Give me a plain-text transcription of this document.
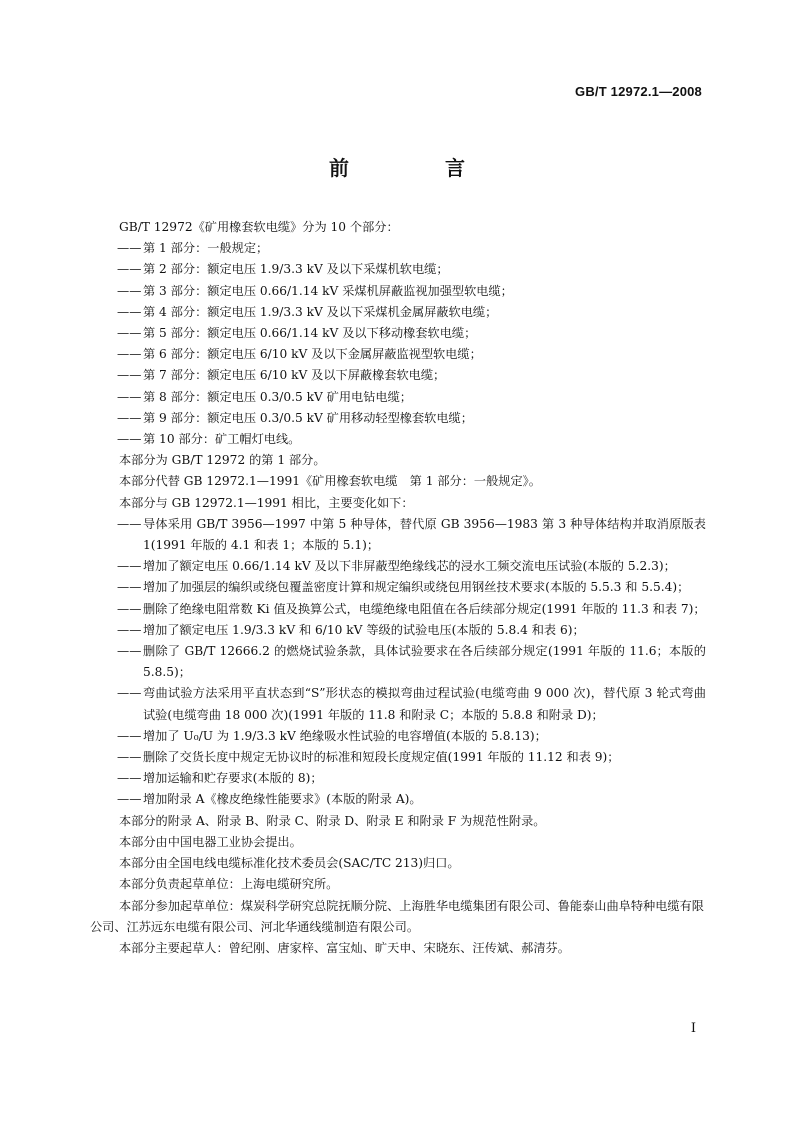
GB/T 12972.1—2008
前　言

GB/T 12972《矿用橡套软电缆》分为 10 个部分：

—— 第 1 部分：一般规定；
—— 第 2 部分：额定电压 1.9/3.3 kV 及以下采煤机软电缆；
—— 第 3 部分：额定电压 0.66/1.14 kV 采煤机屏蔽监视加强型软电缆；
—— 第 4 部分：额定电压 1.9/3.3 kV 及以下采煤机金属屏蔽软电缆；
—— 第 5 部分：额定电压 0.66/1.14 kV 及以下移动橡套软电缆；
—— 第 6 部分：额定电压 6/10 kV 及以下金属屏蔽监视型软电缆；
—— 第 7 部分：额定电压 6/10 kV 及以下屏蔽橡套软电缆；
—— 第 8 部分：额定电压 0.3/0.5 kV 矿用电钻电缆；
—— 第 9 部分：额定电压 0.3/0.5 kV 矿用移动轻型橡套软电缆；
—— 第 10 部分：矿工帽灯电线。

本部分为 GB/T 12972 的第 1 部分。

本部分代替 GB 12972.1—1991《矿用橡套软电缆　第 1 部分：一般规定》。

本部分与 GB 12972.1—1991 相比，主要变化如下：

—— 导体采用 GB/T 3956—1997 中第 5 种导体，替代原 GB 3956—1983 第 3 种导体结构并取消原版表 1(1991 年版的 4.1 和表 1；本版的 5.1)；
—— 增加了额定电压 0.66/1.14 kV 及以下非屏蔽型绝缘线芯的浸水工频交流电压试验(本版的 5.2.3)；
—— 增加了加强层的编织或绕包覆盖密度计算和规定编织或绕包用钢丝技术要求(本版的 5.5.3 和 5.5.4)；
—— 删除了绝缘电阻常数 Ki 值及换算公式，电缆绝缘电阻值在各后续部分规定(1991 年版的 11.3 和表 7)；
—— 增加了额定电压 1.9/3.3 kV 和 6/10 kV 等级的试验电压(本版的 5.8.4 和表 6)；
—— 删除了 GB/T 12666.2 的燃烧试验条款，具体试验要求在各后续部分规定(1991 年版的 11.6；本版的 5.8.5)；
—— 弯曲试验方法采用平直状态到“S”形状态的模拟弯曲过程试验(电缆弯曲 9 000 次)，替代原 3 轮式弯曲试验(电缆弯曲 18 000 次)(1991 年版的 11.8 和附录 C；本版的 5.8.8 和附录 D)；
—— 增加了 U₀/U 为 1.9/3.3 kV 绝缘吸水性试验的电容增值(本版的 5.8.13)；
—— 删除了交货长度中规定无协议时的标准和短段长度规定值(1991 年版的 11.12 和表 9)；
—— 增加运输和贮存要求(本版的 8)；
—— 增加附录 A《橡皮绝缘性能要求》(本版的附录 A)。

本部分的附录 A、附录 B、附录 C、附录 D、附录 E 和附录 F 为规范性附录。

本部分由中国电器工业协会提出。

本部分由全国电线电缆标准化技术委员会(SAC/TC 213)归口。

本部分负责起草单位：上海电缆研究所。

本部分参加起草单位：煤炭科学研究总院抚顺分院、上海胜华电缆集团有限公司、鲁能泰山曲阜特种电缆有限公司、江苏远东电缆有限公司、河北华通线缆制造有限公司。

本部分主要起草人：曾纪刚、唐家梓、富宝灿、旷天申、宋晓东、汪传斌、郝清芬。

I
